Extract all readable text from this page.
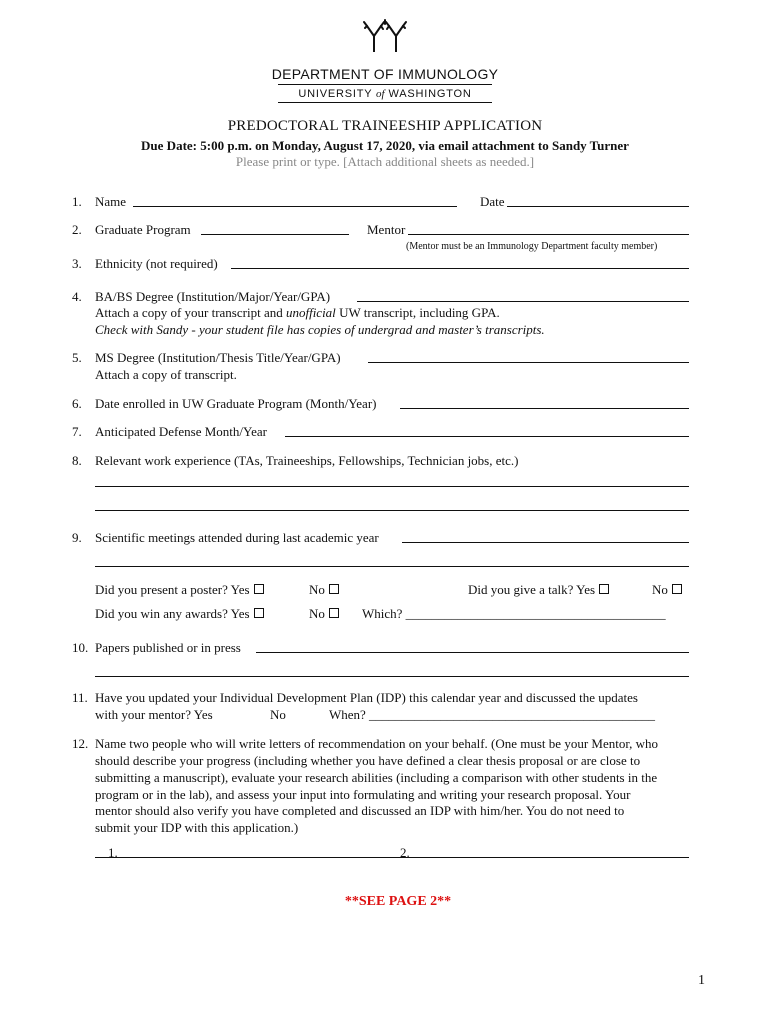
DEPARTMENT OF IMMUNOLOGY
UNIVERSITY of WASHINGTON
PREDOCTORAL TRAINEESHIP APPLICATION
Due Date: 5:00 p.m. on Monday, August 17, 2020, via email attachment to Sandy Turner
Please print or type. [Attach additional sheets as needed.]
1. Name	Date
2. Graduate Program	Mentor
(Mentor must be an Immunology Department faculty member)
3. Ethnicity (not required)
4. BA/BS Degree (Institution/Major/Year/GPA)
Attach a copy of your transcript and unofficial UW transcript, including GPA.
Check with Sandy - your student file has copies of undergrad and master’s transcripts.
5. MS Degree (Institution/Thesis Title/Year/GPA)
Attach a copy of transcript.
6. Date enrolled in UW Graduate Program (Month/Year)
7. Anticipated Defense Month/Year
8. Relevant work experience (TAs, Traineeships, Fellowships, Technician jobs, etc.)
9. Scientific meetings attended during last academic year
Did you present a poster? Yes	No	Did you give a talk? Yes	No
Did you win any awards? Yes	No	Which? ________________________________________
10. Papers published or in press
11. Have you updated your Individual Development Plan (IDP) this calendar year and discussed the updates
with your mentor? Yes	No	When? ____________________________________________
12. Name two people who will write letters of recommendation on your behalf. (One must be your Mentor, who
should describe your progress (including whether you have defined a clear thesis proposal or are close to
submitting a manuscript), evaluate your research abilities (including a comparison with other students in the
program or in the lab), and assess your input into formulating and writing your research proposal. Your
mentor should also verify you have completed and discussed an IDP with him/her. You do not need to
submit your IDP with this application.)
1.	2.
**SEE PAGE 2**
1
